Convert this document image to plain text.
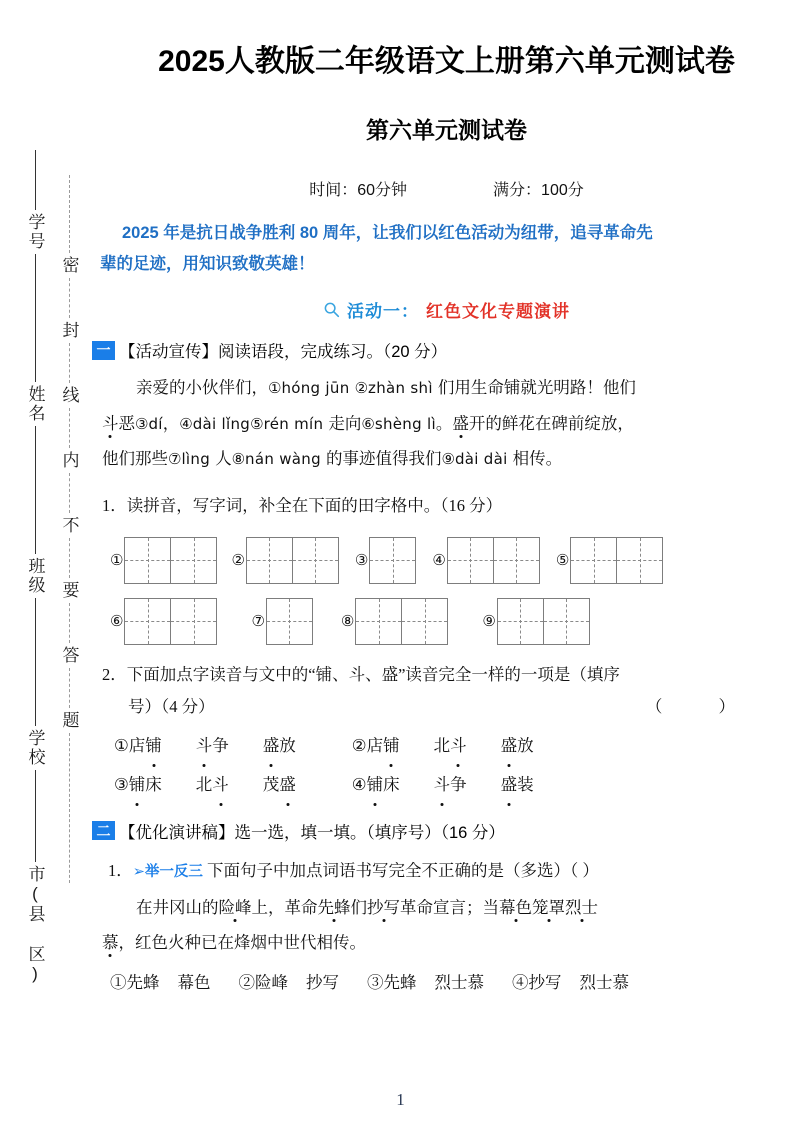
学号
姓名
班级
学校
市(县 区)
密
封
线
内
不
要
答
题
2025人教版二年级语文上册第六单元测试卷
第六单元测试卷
时间：60分钟	满分：100分
2025 年是抗日战争胜利 80 周年，让我们以红色活动为纽带，追寻革命先
辈的足迹，用知识致敬英雄！
活动一： 红色文化专题演讲
一 【活动宣传】阅读语段，完成练习。（20 分）
亲爱的小伙伴们，①hóng jūn ②zhàn shì 们用生命铺就光明路！他们
斗恶③dí，④dài lǐng⑤rén mín 走向⑥shèng lì。盛开的鲜花在碑前绽放，
他们那些⑦lìng 人⑧nán wàng 的事迹值得我们⑨dài dài 相传。
1．读拼音，写字词，补全在下面的田字格中。（16 分）
①	②	③	④	⑤
⑥	⑦	⑧	⑨
2．下面加点字读音与文中的“铺、斗、盛”读音完全一样的一项是（填序
号）（4 分）	（ ）
① 店 铺 斗 争 盛 放	② 店 铺 北 斗 盛 放
③ 铺 床 北 斗 茂 盛	④ 铺 床 斗 争 盛 装
二 【优化演讲稿】选一选，填一填。（填序号）（16 分）
1．➢举一反三 下面句子中加点词语书写完全不正确的是（多选）（ ）
在井冈山的险峰上，革命先蜂们抄写革命宣言；当幕色笼罩烈士
慕，红色火种已在烽烟中世代相传。
①先蜂 幕色 ②险峰 抄写 ③先蜂 烈士慕 ④抄写 烈士慕
1
